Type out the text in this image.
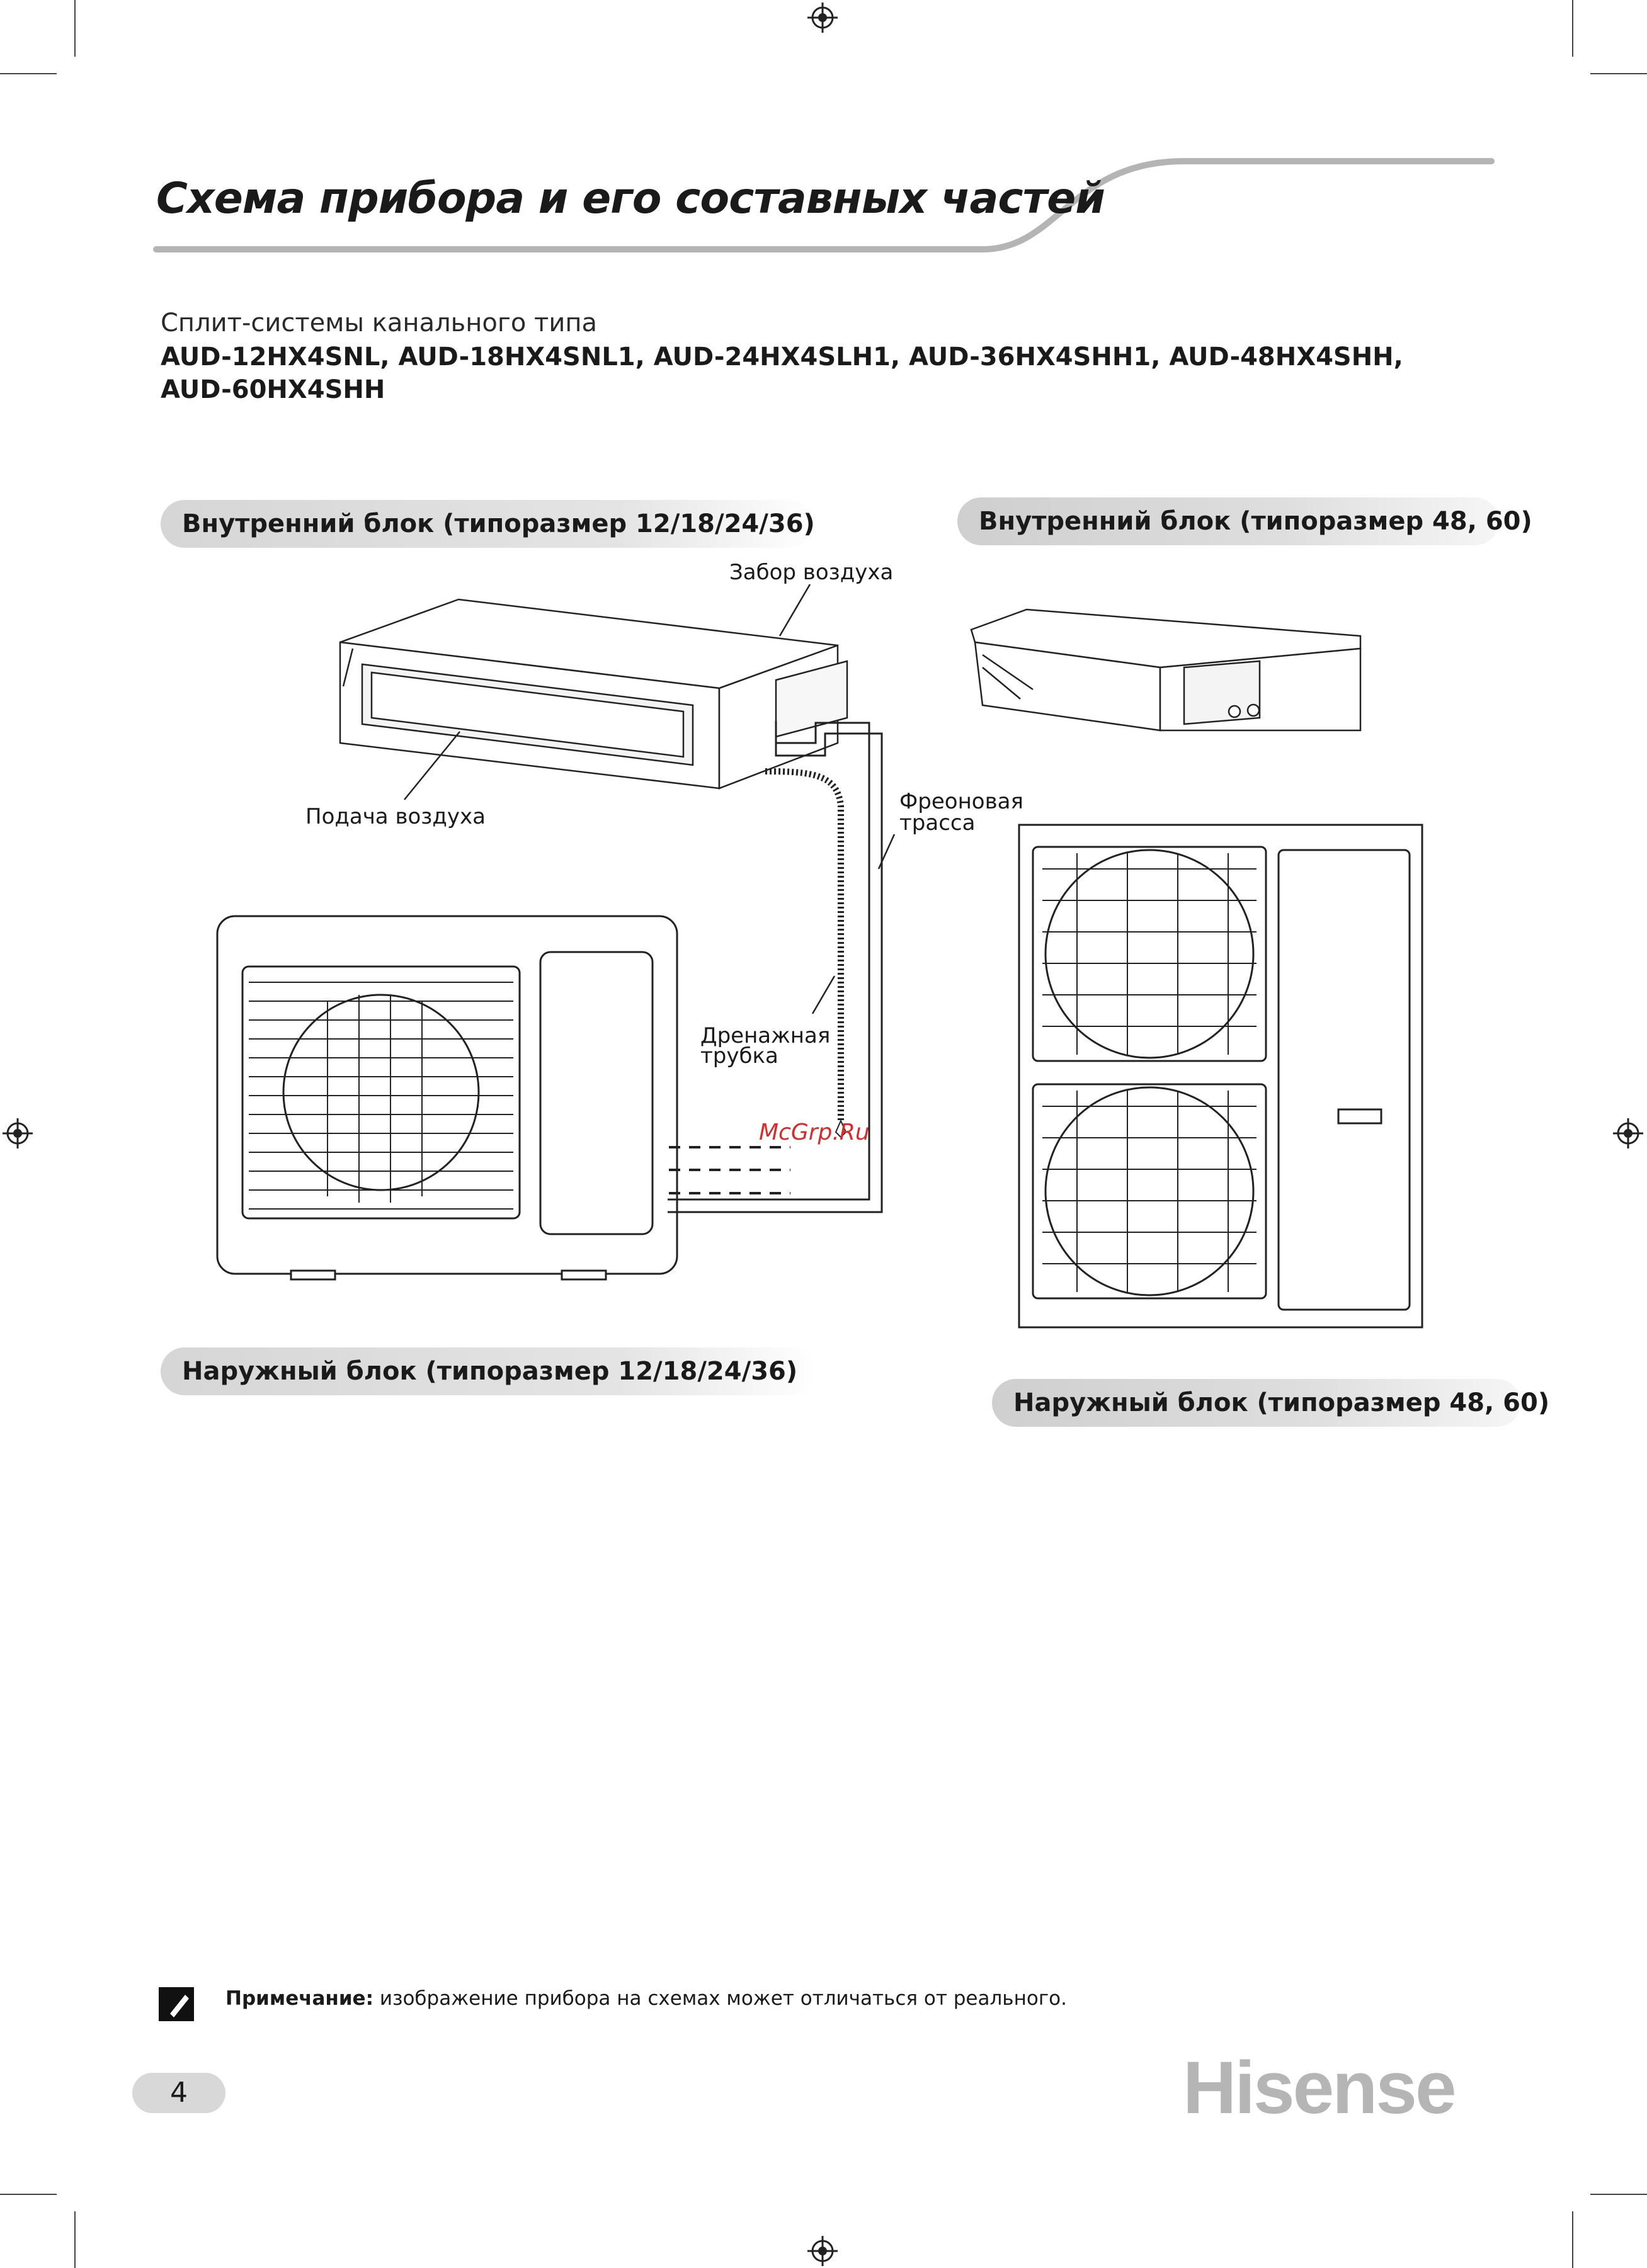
Схема прибора и его составных частей
Сплит-системы канального типа
AUD-12HX4SNL, AUD-18HX4SNL1, AUD-24HX4SLH1, AUD-36HX4SHH1, AUD-48HX4SHH,
AUD-60HX4SHH
Внутренний блок (типоразмер 12/18/24/36)	Внутренний блок (типоразмер 48, 60)
Наружный блок (типоразмер 12/18/24/36)
Наружный блок (типоразмер 48, 60)
Забор воздуха
Подача воздуха
Фреоновая
трасса
Дренажная
трубка
McGrp.Ru
Примечание: изображение прибора на схемах может отличаться от реального.
4	Hisense
